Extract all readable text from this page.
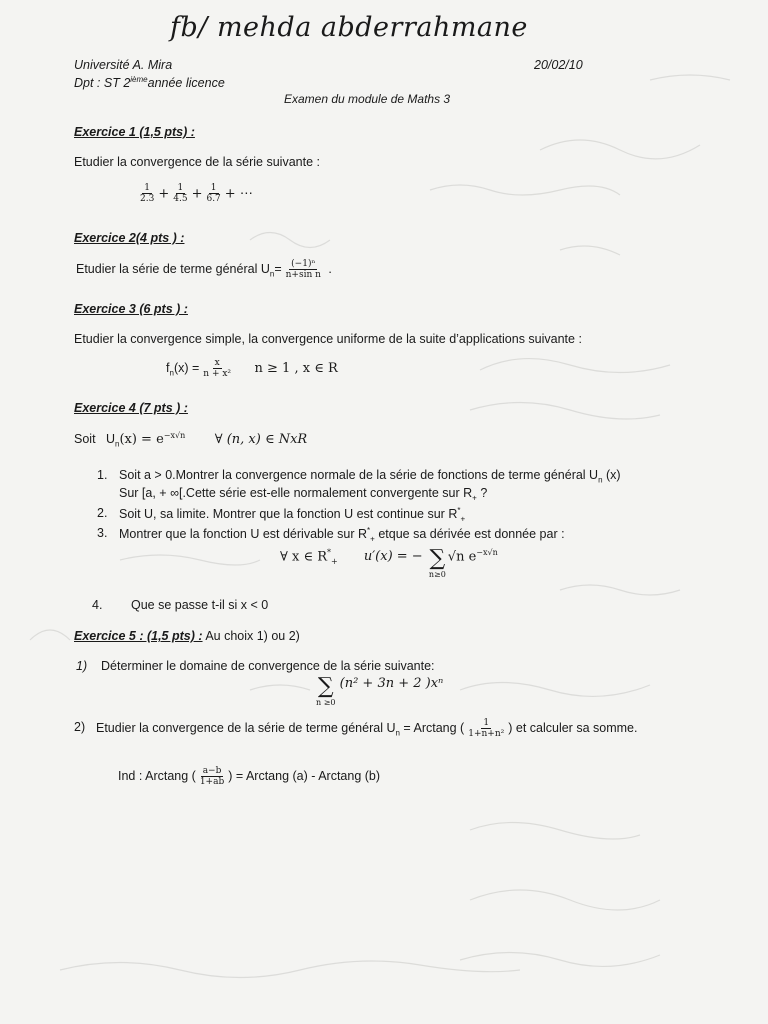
fb/ mehda abderrahmane
Université A. Mira
Dpt : ST 2ièmeannée licence
20/02/10
Examen du module de Maths 3
Exercice 1 (1,5 pts) :
Etudier la convergence de la série suivante :
$\frac{1}{2.3} + \frac{1}{4.5} + \frac{1}{6.7}$ + ⋯
Exercice 2(4 pts ) :
Etudier la série de terme général $U_n= \frac{\text{(−1)ⁿ}}{\text{n+sin n}}$ .
Exercice 3 (6 pts ) :
Etudier la convergence simple, la convergence uniforme de la suite d’applications suivante :
$f_n(x) = \frac{x}{\text{n + x²}}$ n ≥ 1 , x ∈ R
Exercice 4 (7 pts ) :
Soit $U_n(x) = e^{-x√n}$ ∀ (n, x) ∈ NxR
1. Soit a > 0.Montrer la convergence normale de la série de fonctions de terme général $U_n$ (x)
Sur [a, + ∞[.Cette série est-elle normalement convergente sur $R_+$ ?
2. Soit U, sa limite. Montrer que la fonction U est continue sur $R^*_+$
3. Montrer que la fonction U est dérivable sur $R^*_+$ etque sa dérivée est donnée par :
∀ x ∈ $R^*_+$ u′(x) = − ∑
n≥0
√n $e^{-x√n}$
4. Que se passe t-il si x < 0
Exercice 5 : (1,5 pts) : Au choix 1) ou 2)
1) Déterminer le domaine de convergence de la série suivante:
∑
n ≥0
(n² + 3n + 2 )xⁿ
2) Etudier la convergence de la série de terme général $U_n = Arctang$ ( $\frac{1}{\text{1+n+n²}}$ ) et calculer sa somme.
Ind : Arctang ( $\frac{a-b}{1+ab}$ ) = Arctang (a) - Arctang (b)
